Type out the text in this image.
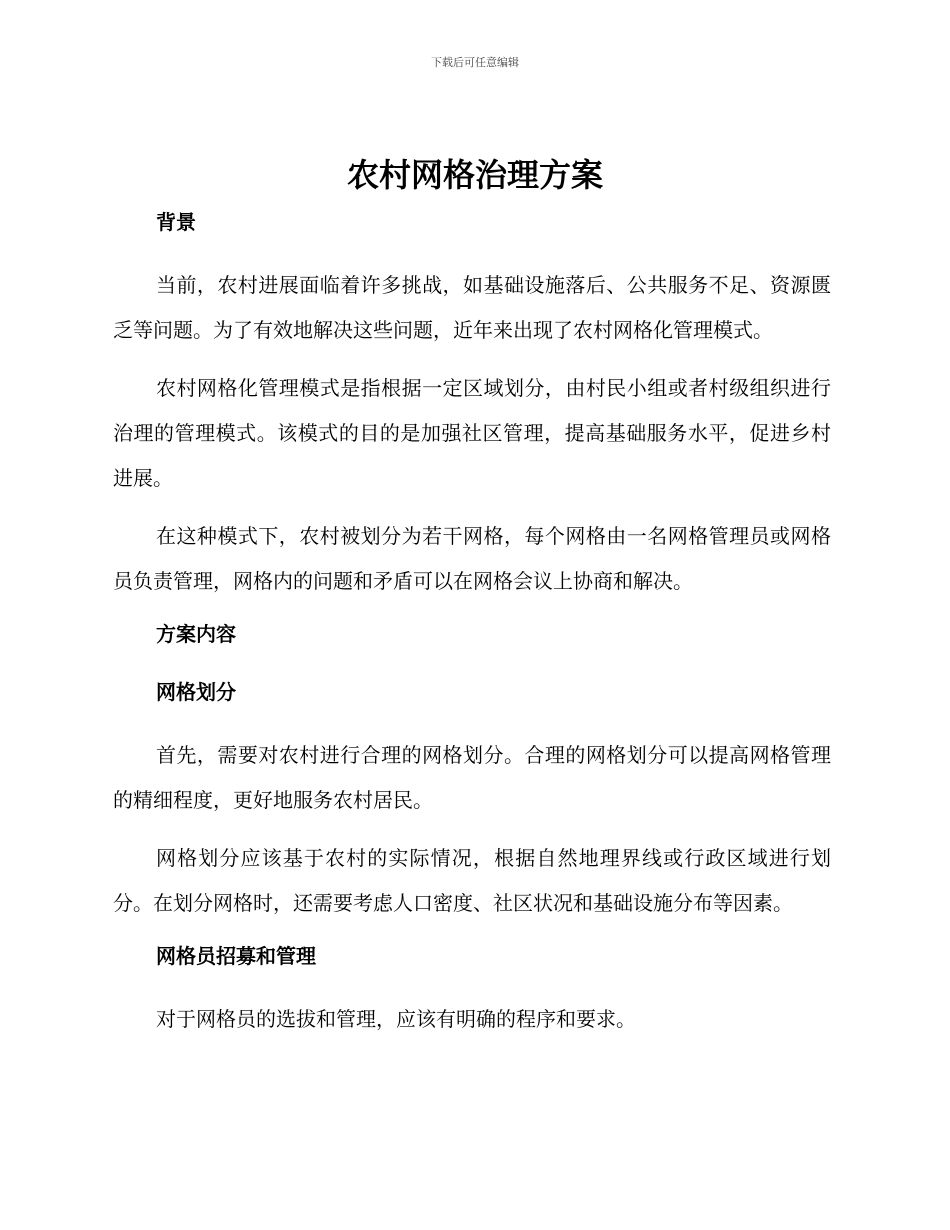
下载后可任意编辑
农村网格治理方案
背景

当前，农村进展面临着许多挑战，如基础设施落后、公共服务不足、资源匮乏等问题。为了有效地解决这些问题，近年来出现了农村网格化管理模式。

农村网格化管理模式是指根据一定区域划分，由村民小组或者村级组织进行治理的管理模式。该模式的目的是加强社区管理，提高基础服务水平，促进乡村进展。

在这种模式下，农村被划分为若干网格，每个网格由一名网格管理员或网格员负责管理，网格内的问题和矛盾可以在网格会议上协商和解决。

方案内容
网格划分

首先，需要对农村进行合理的网格划分。合理的网格划分可以提高网格管理的精细程度，更好地服务农村居民。

网格划分应该基于农村的实际情况，根据自然地理界线或行政区域进行划分。在划分网格时，还需要考虑人口密度、社区状况和基础设施分布等因素。

网格员招募和管理

对于网格员的选拔和管理，应该有明确的程序和要求。
